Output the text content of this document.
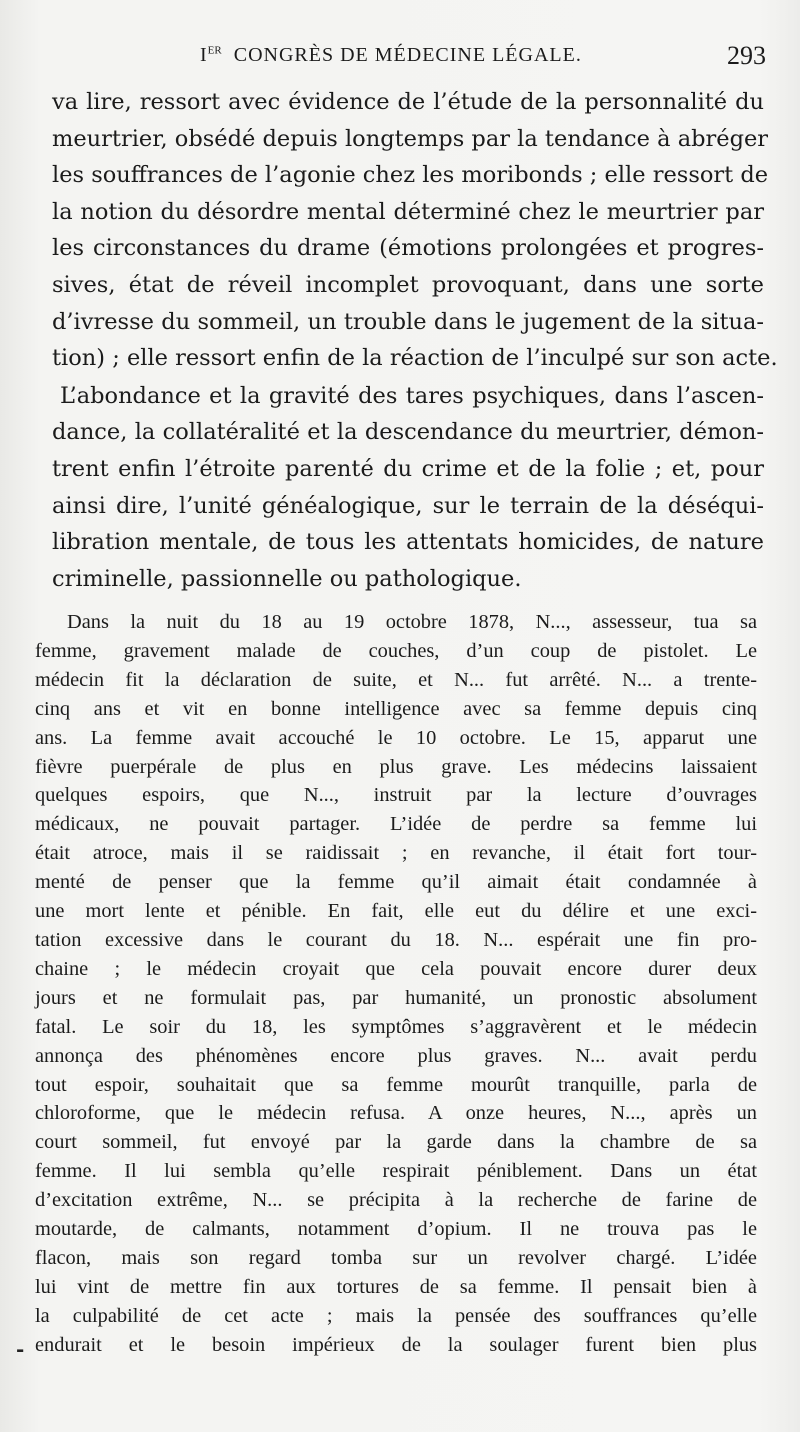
IER CONGRÈS DE MÉDECINE LÉGALE.	293

va lire, ressort avec évidence de l’étude de la personnalité du
meurtrier, obsédé depuis longtemps par la tendance à abréger
les souffrances de l’agonie chez les moribonds ; elle ressort de
la notion du désordre mental déterminé chez le meurtrier par
les circonstances du drame (émotions prolongées et progres-
sives, état de réveil incomplet provoquant, dans une sorte
d’ivresse du sommeil, un trouble dans le jugement de la situa-
tion) ; elle ressort enfin de la réaction de l’inculpé sur son acte.

L’abondance et la gravité des tares psychiques, dans l’ascen-
dance, la collatéralité et la descendance du meurtrier, démon-
trent enfin l’étroite parenté du crime et de la folie ; et, pour
ainsi dire, l’unité généalogique, sur le terrain de la déséqui-
libration mentale, de tous les attentats homicides, de nature
criminelle, passionnelle ou pathologique.

Dans la nuit du 18 au 19 octobre 1878, N..., assesseur, tua sa
femme, gravement malade de couches, d’un coup de pistolet. Le
médecin fit la déclaration de suite, et N... fut arrêté. N... a trente-
cinq ans et vit en bonne intelligence avec sa femme depuis cinq
ans. La femme avait accouché le 10 octobre. Le 15, apparut une
fièvre puerpérale de plus en plus grave. Les médecins laissaient
quelques espoirs, que N..., instruit par la lecture d’ouvrages
médicaux, ne pouvait partager. L’idée de perdre sa femme lui
était atroce, mais il se raidissait ; en revanche, il était fort tour-
menté de penser que la femme qu’il aimait était condamnée à
une mort lente et pénible. En fait, elle eut du délire et une exci-
tation excessive dans le courant du 18. N... espérait une fin pro-
chaine ; le médecin croyait que cela pouvait encore durer deux
jours et ne formulait pas, par humanité, un pronostic absolument
fatal. Le soir du 18, les symptômes s’aggravèrent et le médecin
annonça des phénomènes encore plus graves. N... avait perdu
tout espoir, souhaitait que sa femme mourût tranquille, parla de
chloroforme, que le médecin refusa. A onze heures, N..., après un
court sommeil, fut envoyé par la garde dans la chambre de sa
femme. Il lui sembla qu’elle respirait péniblement. Dans un état
d’excitation extrême, N... se précipita à la recherche de farine de
moutarde, de calmants, notamment d’opium. Il ne trouva pas le
flacon, mais son regard tomba sur un revolver chargé. L’idée
lui vint de mettre fin aux tortures de sa femme. Il pensait bien à
la culpabilité de cet acte ; mais la pensée des souffrances qu’elle
endurait et le besoin impérieux de la soulager furent bien plus
-
